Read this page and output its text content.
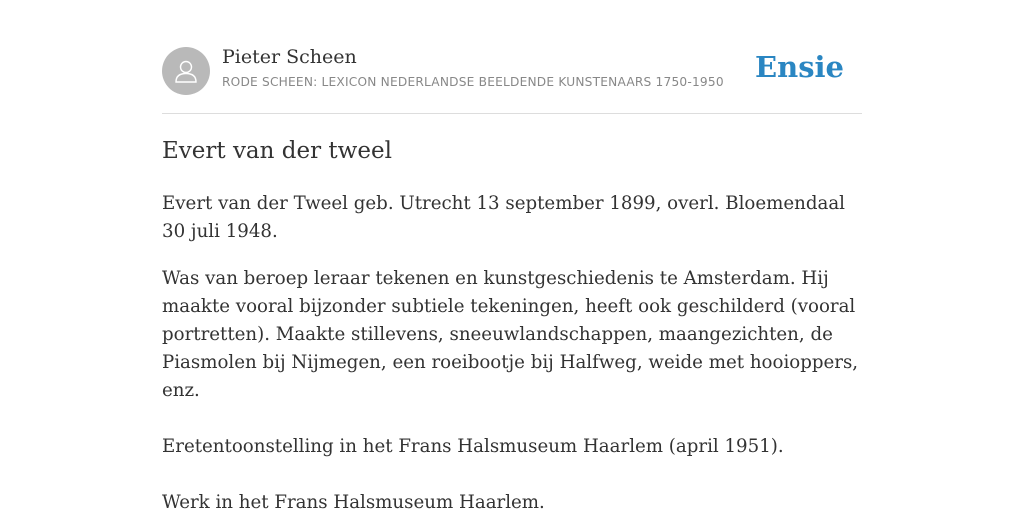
Pieter Scheen
RODE SCHEEN: LEXICON NEDERLANDSE BEELDENDE KUNSTENAARS 1750-1950 Ensie
Evert van der tweel

Evert van der Tweel geb. Utrecht 13 september 1899, overl. Bloemendaal 30 juli 1948.

Was van beroep leraar tekenen en kunstgeschiedenis te Amsterdam. Hij maakte vooral bijzonder subtiele tekeningen, heeft ook geschilderd (vooral portretten). Maakte stillevens, sneeuwlandschappen, maangezichten, de Piasmolen bij Nijmegen, een roeibootje bij Halfweg, weide met hooioppers, enz.

Eretentoonstelling in het Frans Halsmuseum Haarlem (april 1951).

Werk in het Frans Halsmuseum Haarlem.
